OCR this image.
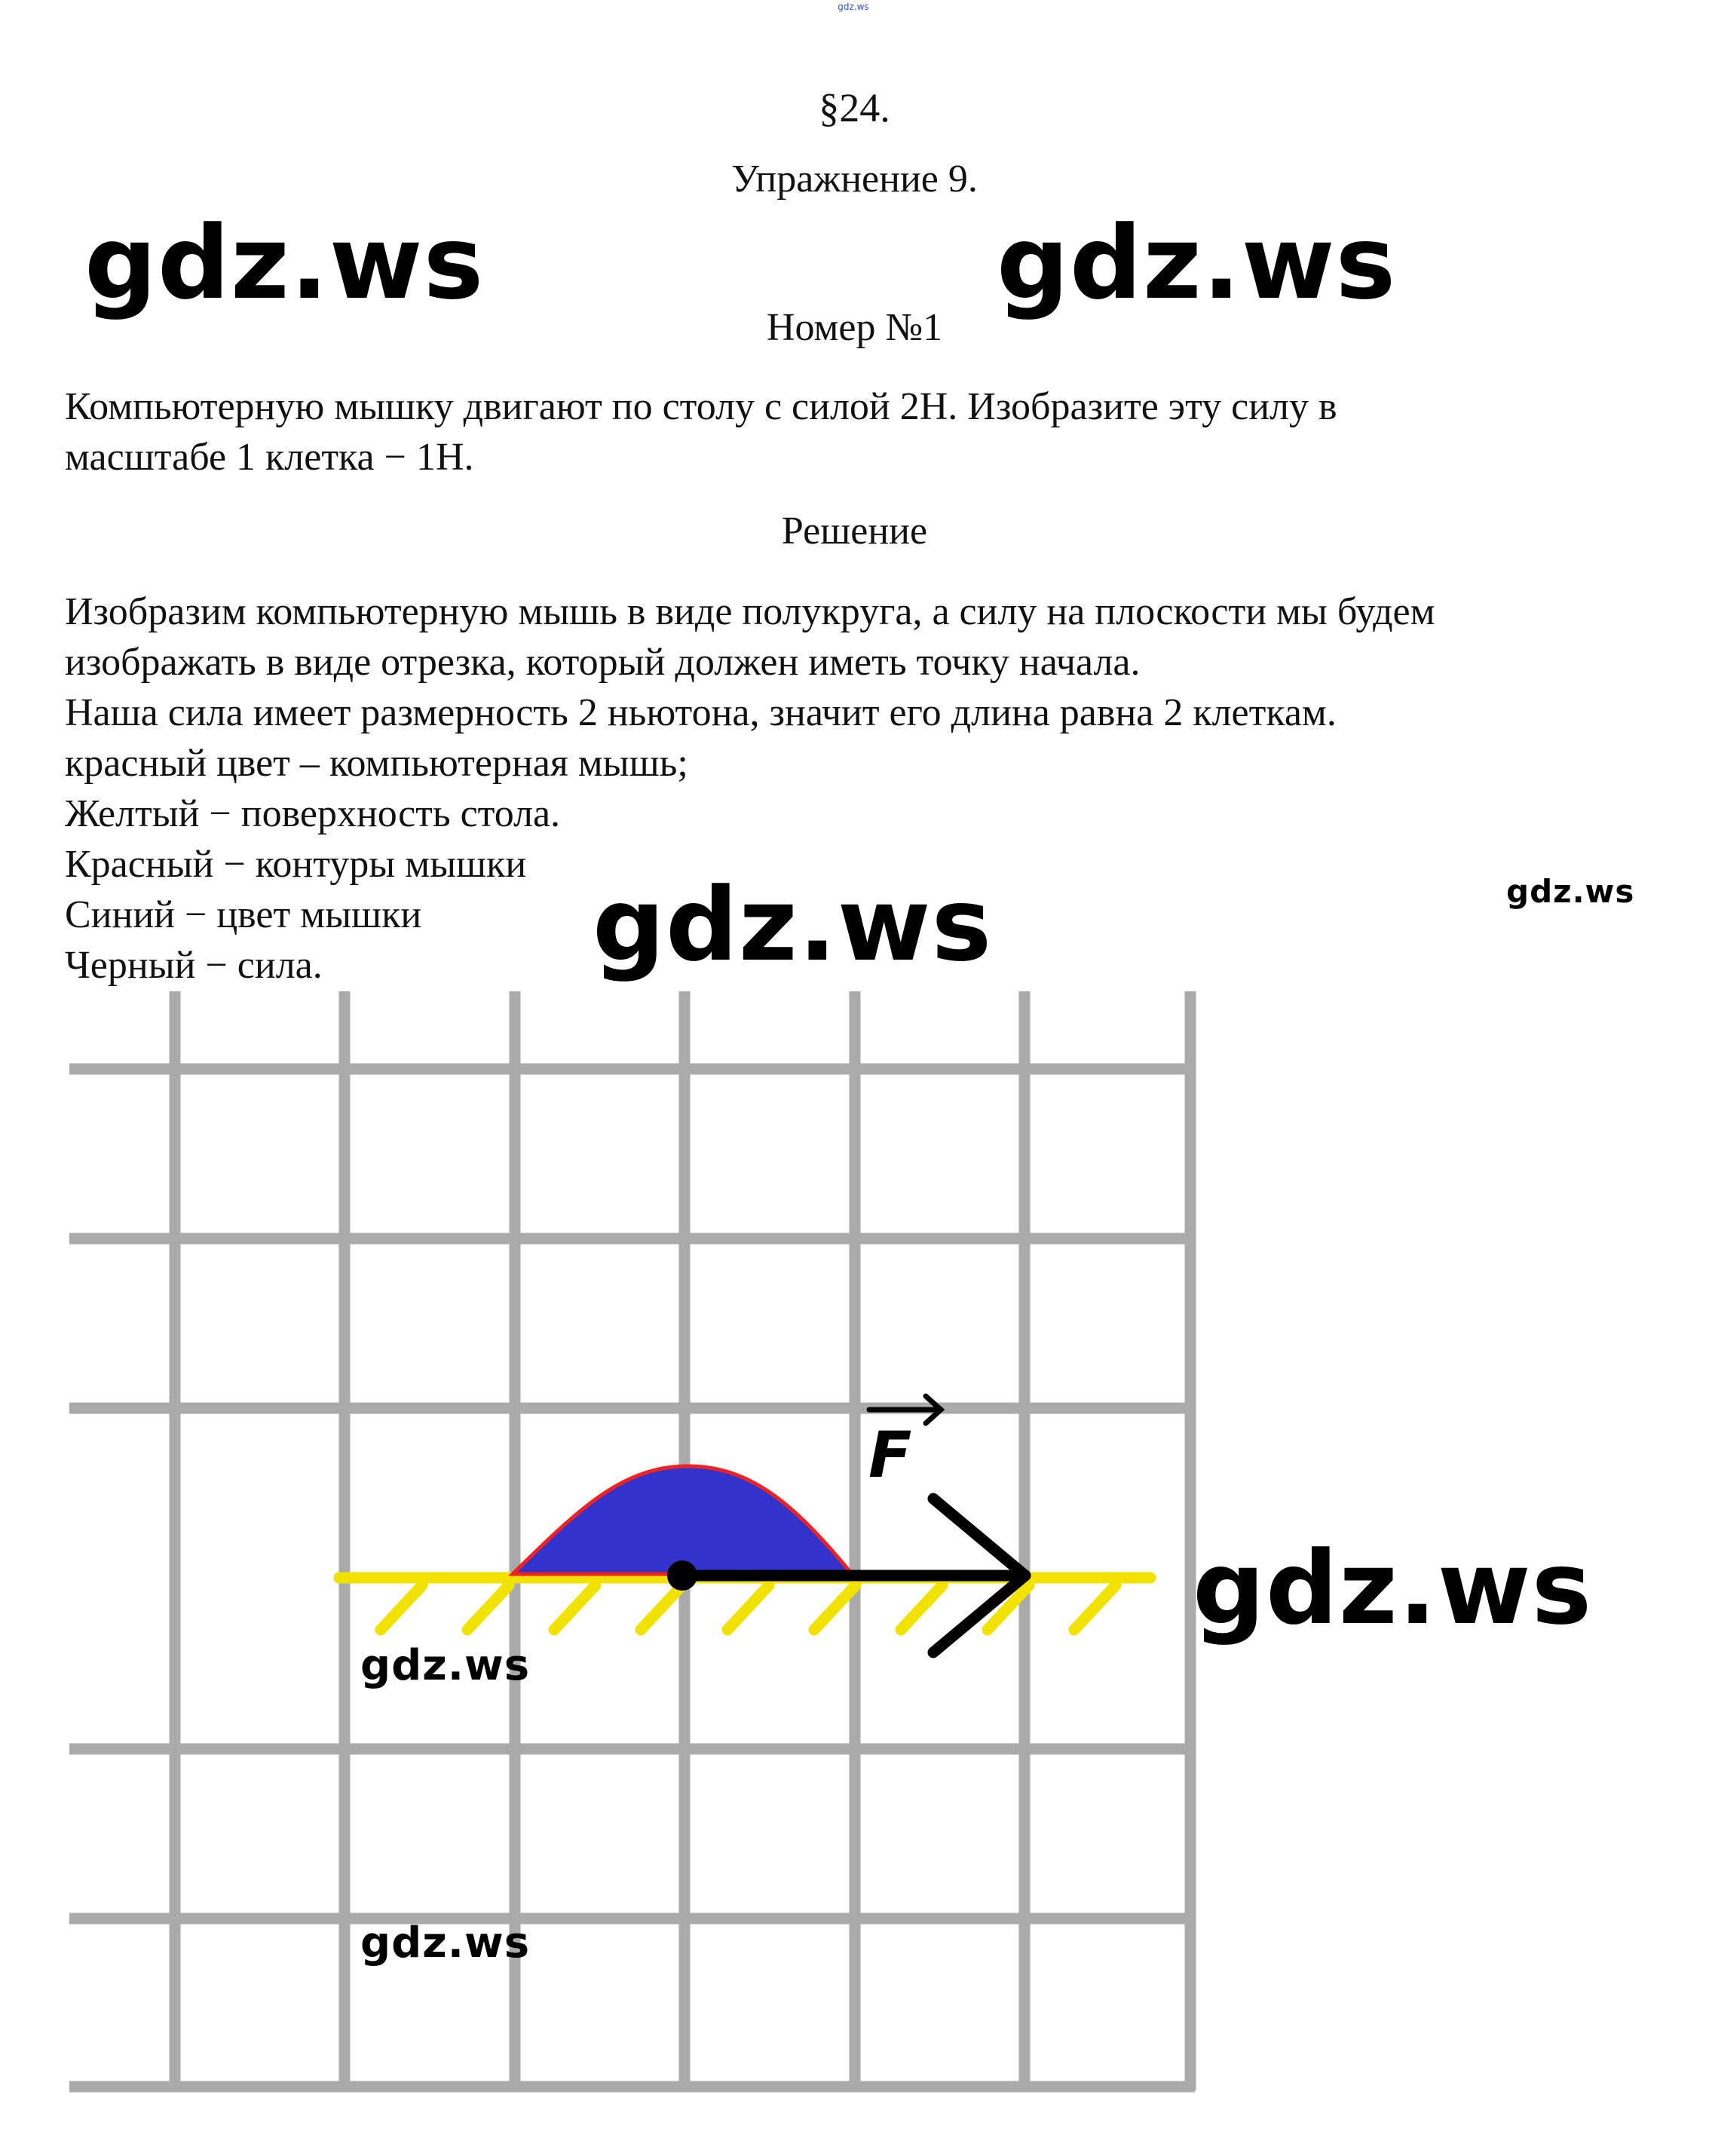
gdz.ws
§24.
Упражнение 9.
Номер №1
gdz.ws	gdz.ws
Компьютерную мышку двигают по столу с силой 2Н. Изобразите эту силу в
масштабе 1 клетка − 1Н.
Решение
Изобразим компьютерную мышь в виде полукруга, а силу на плоскости мы будем
изображать в виде отрезка, который должен иметь точку начала.
Наша сила имеет размерность 2 ньютона, значит его длина равна 2 клеткам.
красный цвет – компьютерная мышь;
Желтый − поверхность стола.
Красный − контуры мышки
Синий − цвет мышки
Черный − сила.	gdz.ws	gdz.ws
F
gdz.ws
gdz.ws
gdz.ws
